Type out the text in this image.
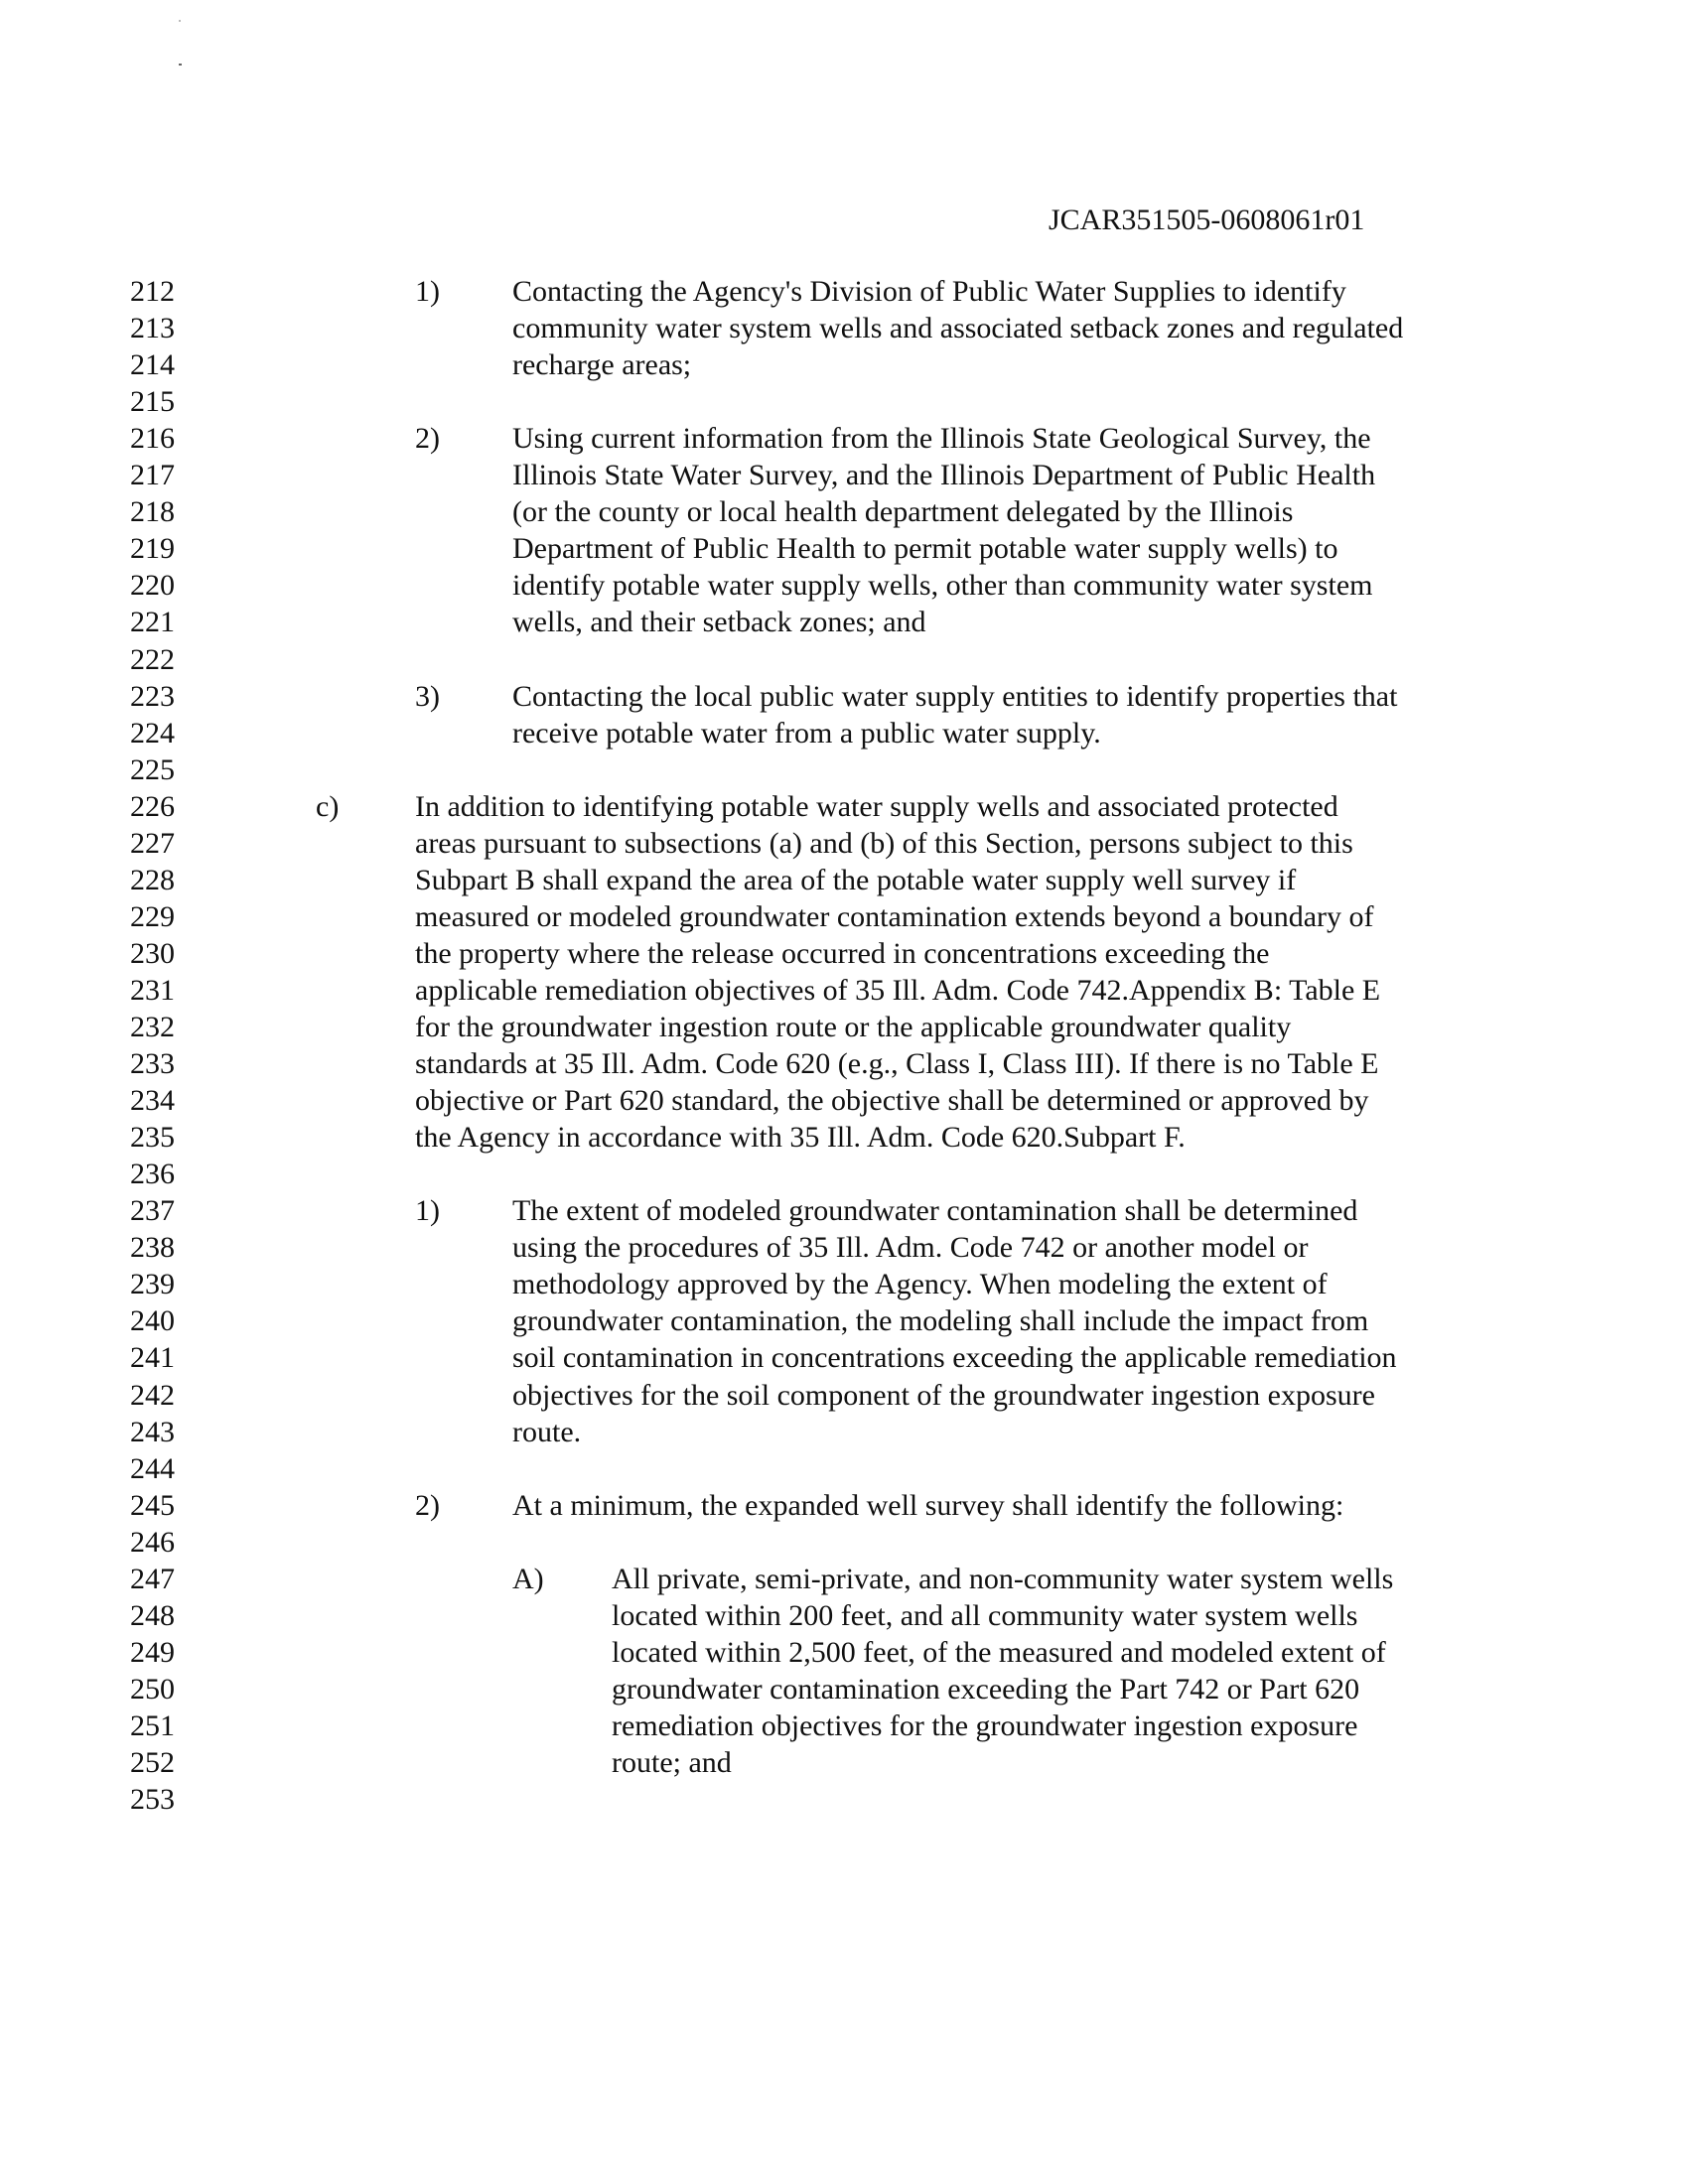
JCAR351505-0608061r01
212	1) Contacting the Agency's Division of Public Water Supplies to identify
213	community water system wells and associated setback zones and regulated
214	recharge areas;
215
216	2) Using current information from the Illinois State Geological Survey, the
217	Illinois State Water Survey, and the Illinois Department of Public Health
218	(or the county or local health department delegated by the Illinois
219	Department of Public Health to permit potable water supply wells) to
220	identify potable water supply wells, other than community water system
221	wells, and their setback zones; and
222
223	3) Contacting the local public water supply entities to identify properties that
224	receive potable water from a public water supply.
225
226	c)	In addition to identifying potable water supply wells and associated protected
227	areas pursuant to subsections (a) and (b) of this Section, persons subject to this
228	Subpart B shall expand the area of the potable water supply well survey if
229	measured or modeled groundwater contamination extends beyond a boundary of
230	the property where the release occurred in concentrations exceeding the
231	applicable remediation objectives of 35 Ill. Adm. Code 742.Appendix B: Table E
232	for the groundwater ingestion route or the applicable groundwater quality
233	standards at 35 Ill. Adm. Code 620 (e.g., Class I, Class III). If there is no Table E
234	objective or Part 620 standard, the objective shall be determined or approved by
235	the Agency in accordance with 35 Ill. Adm. Code 620.Subpart F.
236
237	1) The extent of modeled groundwater contamination shall be determined
238	using the procedures of 35 Ill. Adm. Code 742 or another model or
239	methodology approved by the Agency. When modeling the extent of
240	groundwater contamination, the modeling shall include the impact from
241	soil contamination in concentrations exceeding the applicable remediation
242	objectives for the soil component of the groundwater ingestion exposure
243	route.
244
245	2) At a minimum, the expanded well survey shall identify the following:
246
247	A) All private, semi-private, and non-community water system wells
248	located within 200 feet, and all community water system wells
249	located within 2,500 feet, of the measured and modeled extent of
250	groundwater contamination exceeding the Part 742 or Part 620
251	remediation objectives for the groundwater ingestion exposure
252	route; and
253
